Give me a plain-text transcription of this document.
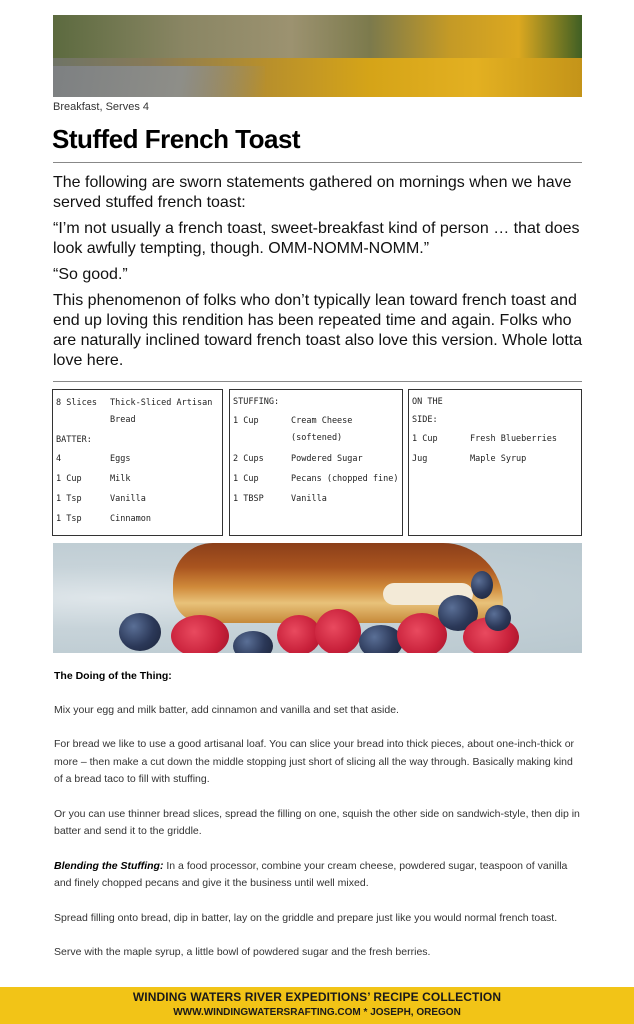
Breakfast, Serves 4
Stuffed French Toast

The following are sworn statements gathered on mornings when we have served stuffed french toast:

“I’m not usually a french toast, sweet-breakfast kind of person … that does look awfully tempting, though. OMM-NOMM-NOMM.”

“So good.”

This phenomenon of folks who don’t typically lean toward french toast and end up loving this rendition has been repeated time and again. Folks who are naturally inclined toward french toast also love this version. Whole lotta love here.

8 Slices	Thick-Sliced Artisan Bread
BATTER:
4	Eggs
1 Cup	Milk
1 Tsp	Vanilla
1 Tsp	Cinnamon
STUFFING:
1 Cup	Cream Cheese (softened)
2 Cups	Powdered Sugar
1 Cup	Pecans (chopped fine)
1 TBSP	Vanilla
ON THE
SIDE:
1 Cup	Fresh Blueberries
Jug	Maple Syrup
The Doing of the Thing:

Mix your egg and milk batter, add cinnamon and vanilla and set that aside.

For bread we like to use a good artisanal loaf. You can slice your bread into thick pieces, about one-inch-thick or more – then make a cut down the middle stopping just short of slicing all the way through. Basically making kind of a bread taco to fill with stuffing.

Or you can use thinner bread slices, spread the filling on one, squish the other side on sandwich-style, then dip in batter and send it to the griddle.

Blending the Stuffing: In a food processor, combine your cream cheese, powdered sugar, teaspoon of vanilla and finely chopped pecans and give it the business until well mixed.

Spread filling onto bread, dip in batter, lay on the griddle and prepare just like you would normal french toast.

Serve with the maple syrup, a little bowl of powdered sugar and the fresh berries.

WINDING WATERS RIVER EXPEDITIONS’ RECIPE COLLECTION
WWW.WINDINGWATERSRAFTING.COM * JOSEPH, OREGON
